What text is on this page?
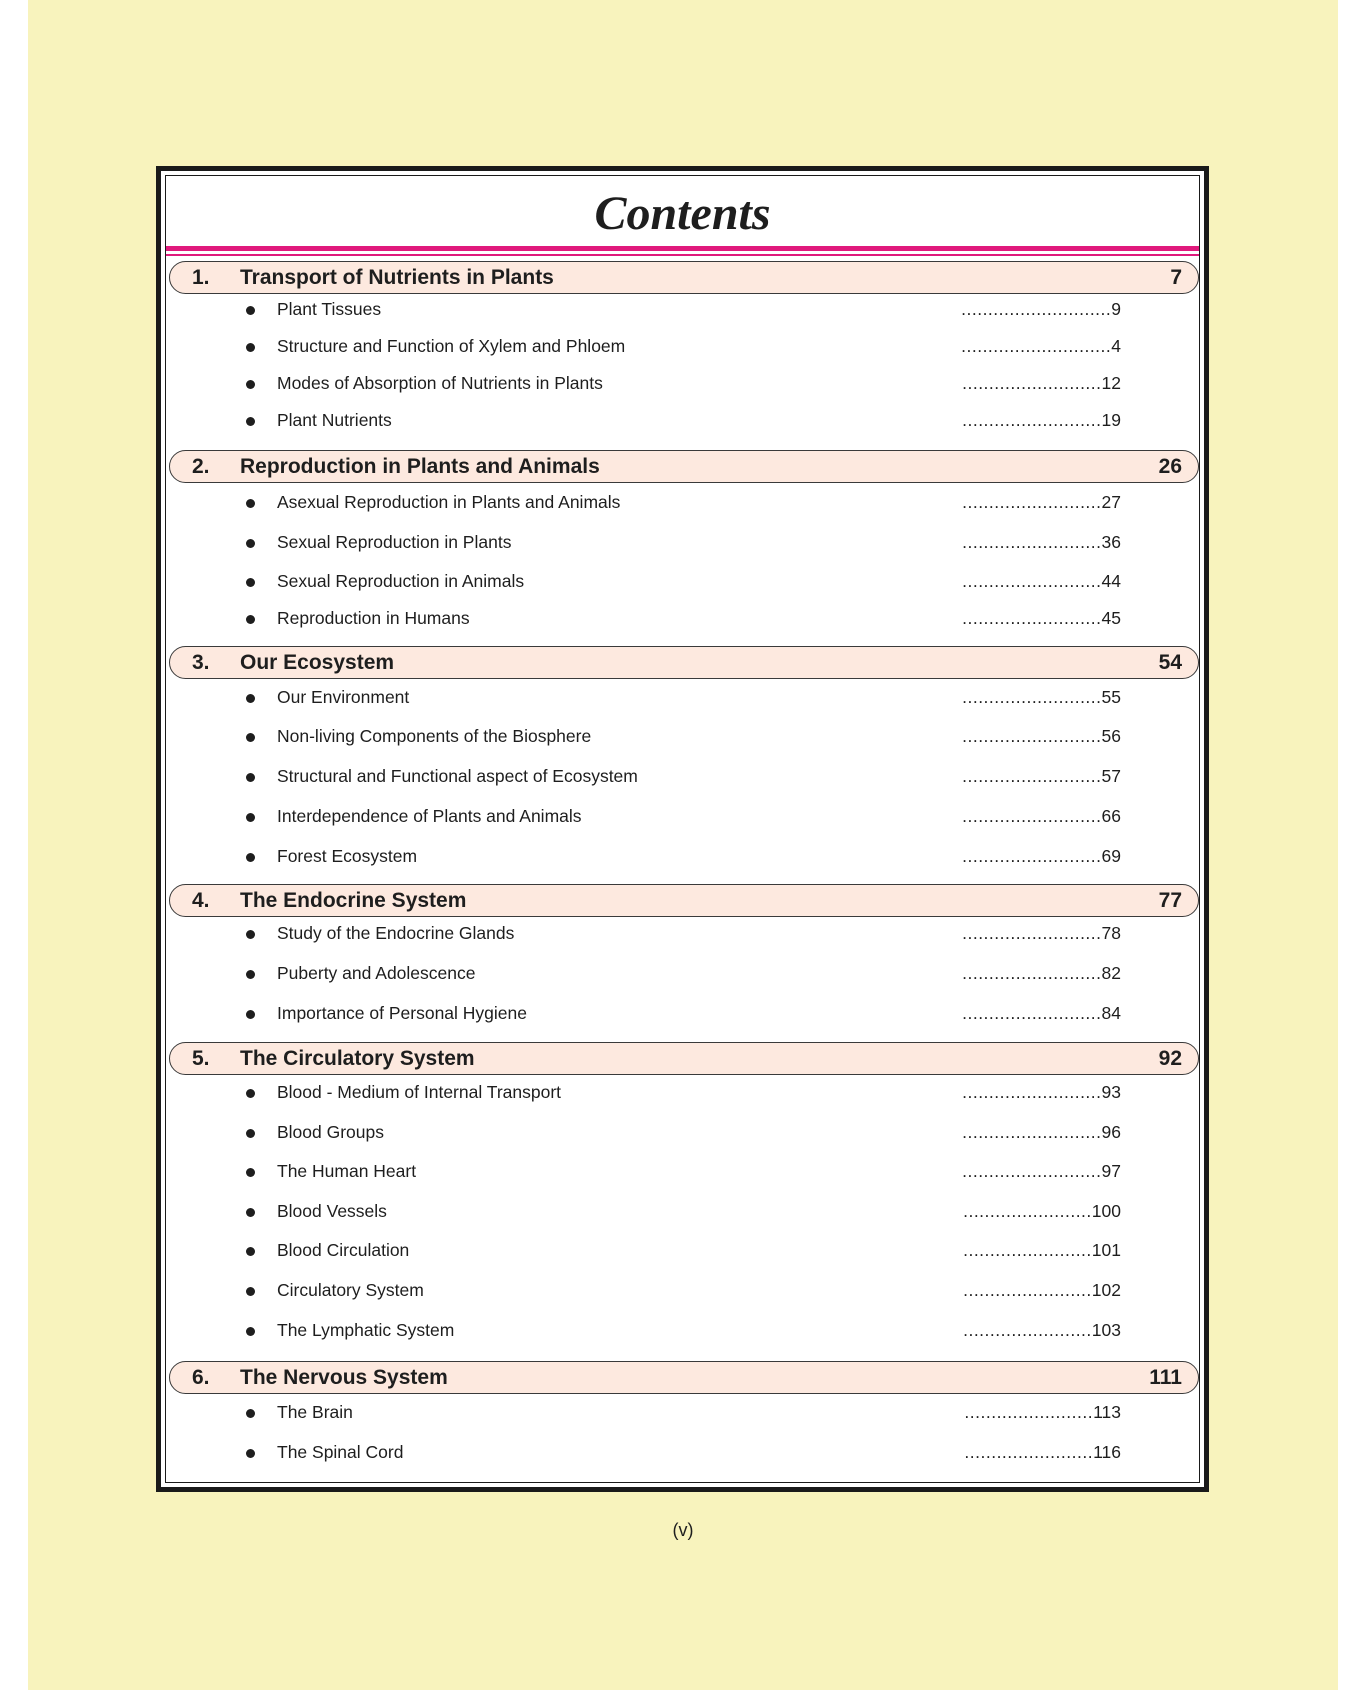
Contents
1. Transport of Nutrients in Plants	7
Plant Tissues	............................9
Structure and Function of Xylem and Phloem	............................4
Modes of Absorption of Nutrients in Plants	..........................12
Plant Nutrients	..........................19
2. Reproduction in Plants and Animals	26
Asexual Reproduction in Plants and Animals	..........................27
Sexual Reproduction in Plants	..........................36
Sexual Reproduction in Animals	..........................44
Reproduction in Humans	..........................45
3. Our Ecosystem	54
Our Environment	..........................55
Non-living Components of the Biosphere	..........................56
Structural and Functional aspect of Ecosystem	..........................57
Interdependence of Plants and Animals	..........................66
Forest Ecosystem	..........................69
4. The Endocrine System	77
Study of the Endocrine Glands	..........................78
Puberty and Adolescence	..........................82
Importance of Personal Hygiene	..........................84
5. The Circulatory System	92
Blood - Medium of Internal Transport	..........................93
Blood Groups	..........................96
The Human Heart	..........................97
Blood Vessels	........................100
Blood Circulation	........................101
Circulatory System	........................102
The Lymphatic System	........................103
6. The Nervous System	111
The Brain	........................113
The Spinal Cord	........................116
(v)
